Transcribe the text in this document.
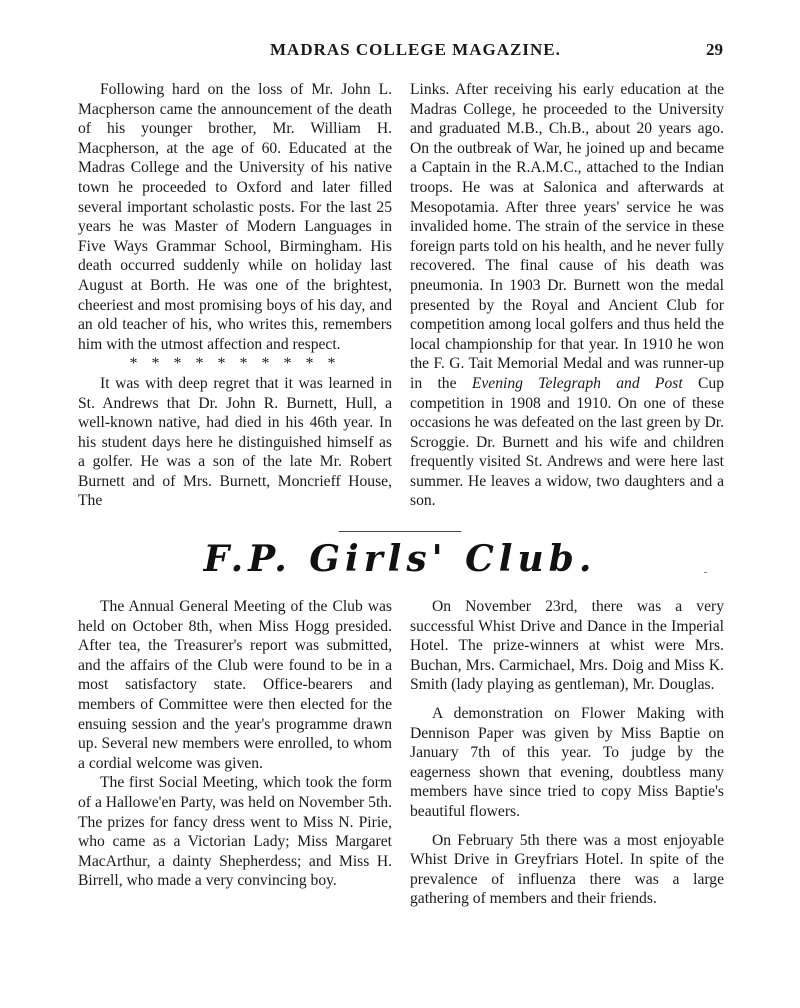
MADRAS COLLEGE MAGAZINE.	29

Following hard on the loss of Mr. John L. Macpherson came the announcement of the death of his younger brother, Mr. William H. Macpherson, at the age of 60. Educated at the Madras College and the University of his native town he proceeded to Oxford and later filled several important scholastic posts. For the last 25 years he was Master of Modern Languages in Five Ways Grammar School, Birmingham. His death occurred suddenly while on holiday last August at Borth. He was one of the brightest, cheeriest and most promising boys of his day, and an old teacher of his, who writes this, remembers him with the utmost affection and respect.

* * * * * * * * * *

It was with deep regret that it was learned in St. Andrews that Dr. John R. Burnett, Hull, a well-known native, had died in his 46th year. In his student days here he distinguished himself as a golfer. He was a son of the late Mr. Robert Burnett and of Mrs. Burnett, Moncrieff House, The

Links. After receiving his early education at the Madras College, he proceeded to the University and graduated M.B., Ch.B., about 20 years ago. On the outbreak of War, he joined up and became a Captain in the R.A.M.C., attached to the Indian troops. He was at Salonica and afterwards at Mesopotamia. After three years' service he was invalided home. The strain of the service in these foreign parts told on his health, and he never fully recovered. The final cause of his death was pneumonia. In 1903 Dr. Burnett won the medal presented by the Royal and Ancient Club for competition among local golfers and thus held the local championship for that year. In 1910 he won the F. G. Tait Memorial Medal and was runner-up in the Evening Telegraph and Post Cup competition in 1908 and 1910. On one of these occasions he was defeated on the last green by Dr. Scroggie. Dr. Burnett and his wife and children frequently visited St. Andrews and were here last summer. He leaves a widow, two daughters and a son.

F.P. Girls' Club.

The Annual General Meeting of the Club was held on October 8th, when Miss Hogg presided. After tea, the Treasurer's report was submitted, and the affairs of the Club were found to be in a most satisfactory state. Office-bearers and members of Committee were then elected for the ensuing session and the year's programme drawn up. Several new members were enrolled, to whom a cordial welcome was given.

The first Social Meeting, which took the form of a Hallowe'en Party, was held on November 5th. The prizes for fancy dress went to Miss N. Pirie, who came as a Victorian Lady; Miss Margaret MacArthur, a dainty Shepherdess; and Miss H. Birrell, who made a very convincing boy.

On November 23rd, there was a very successful Whist Drive and Dance in the Imperial Hotel. The prize-winners at whist were Mrs. Buchan, Mrs. Carmichael, Mrs. Doig and Miss K. Smith (lady playing as gentleman), Mr. Douglas.

A demonstration on Flower Making with Dennison Paper was given by Miss Baptie on January 7th of this year. To judge by the eagerness shown that evening, doubtless many members have since tried to copy Miss Baptie's beautiful flowers.

On February 5th there was a most enjoyable Whist Drive in Greyfriars Hotel. In spite of the prevalence of influenza there was a large gathering of members and their friends.
